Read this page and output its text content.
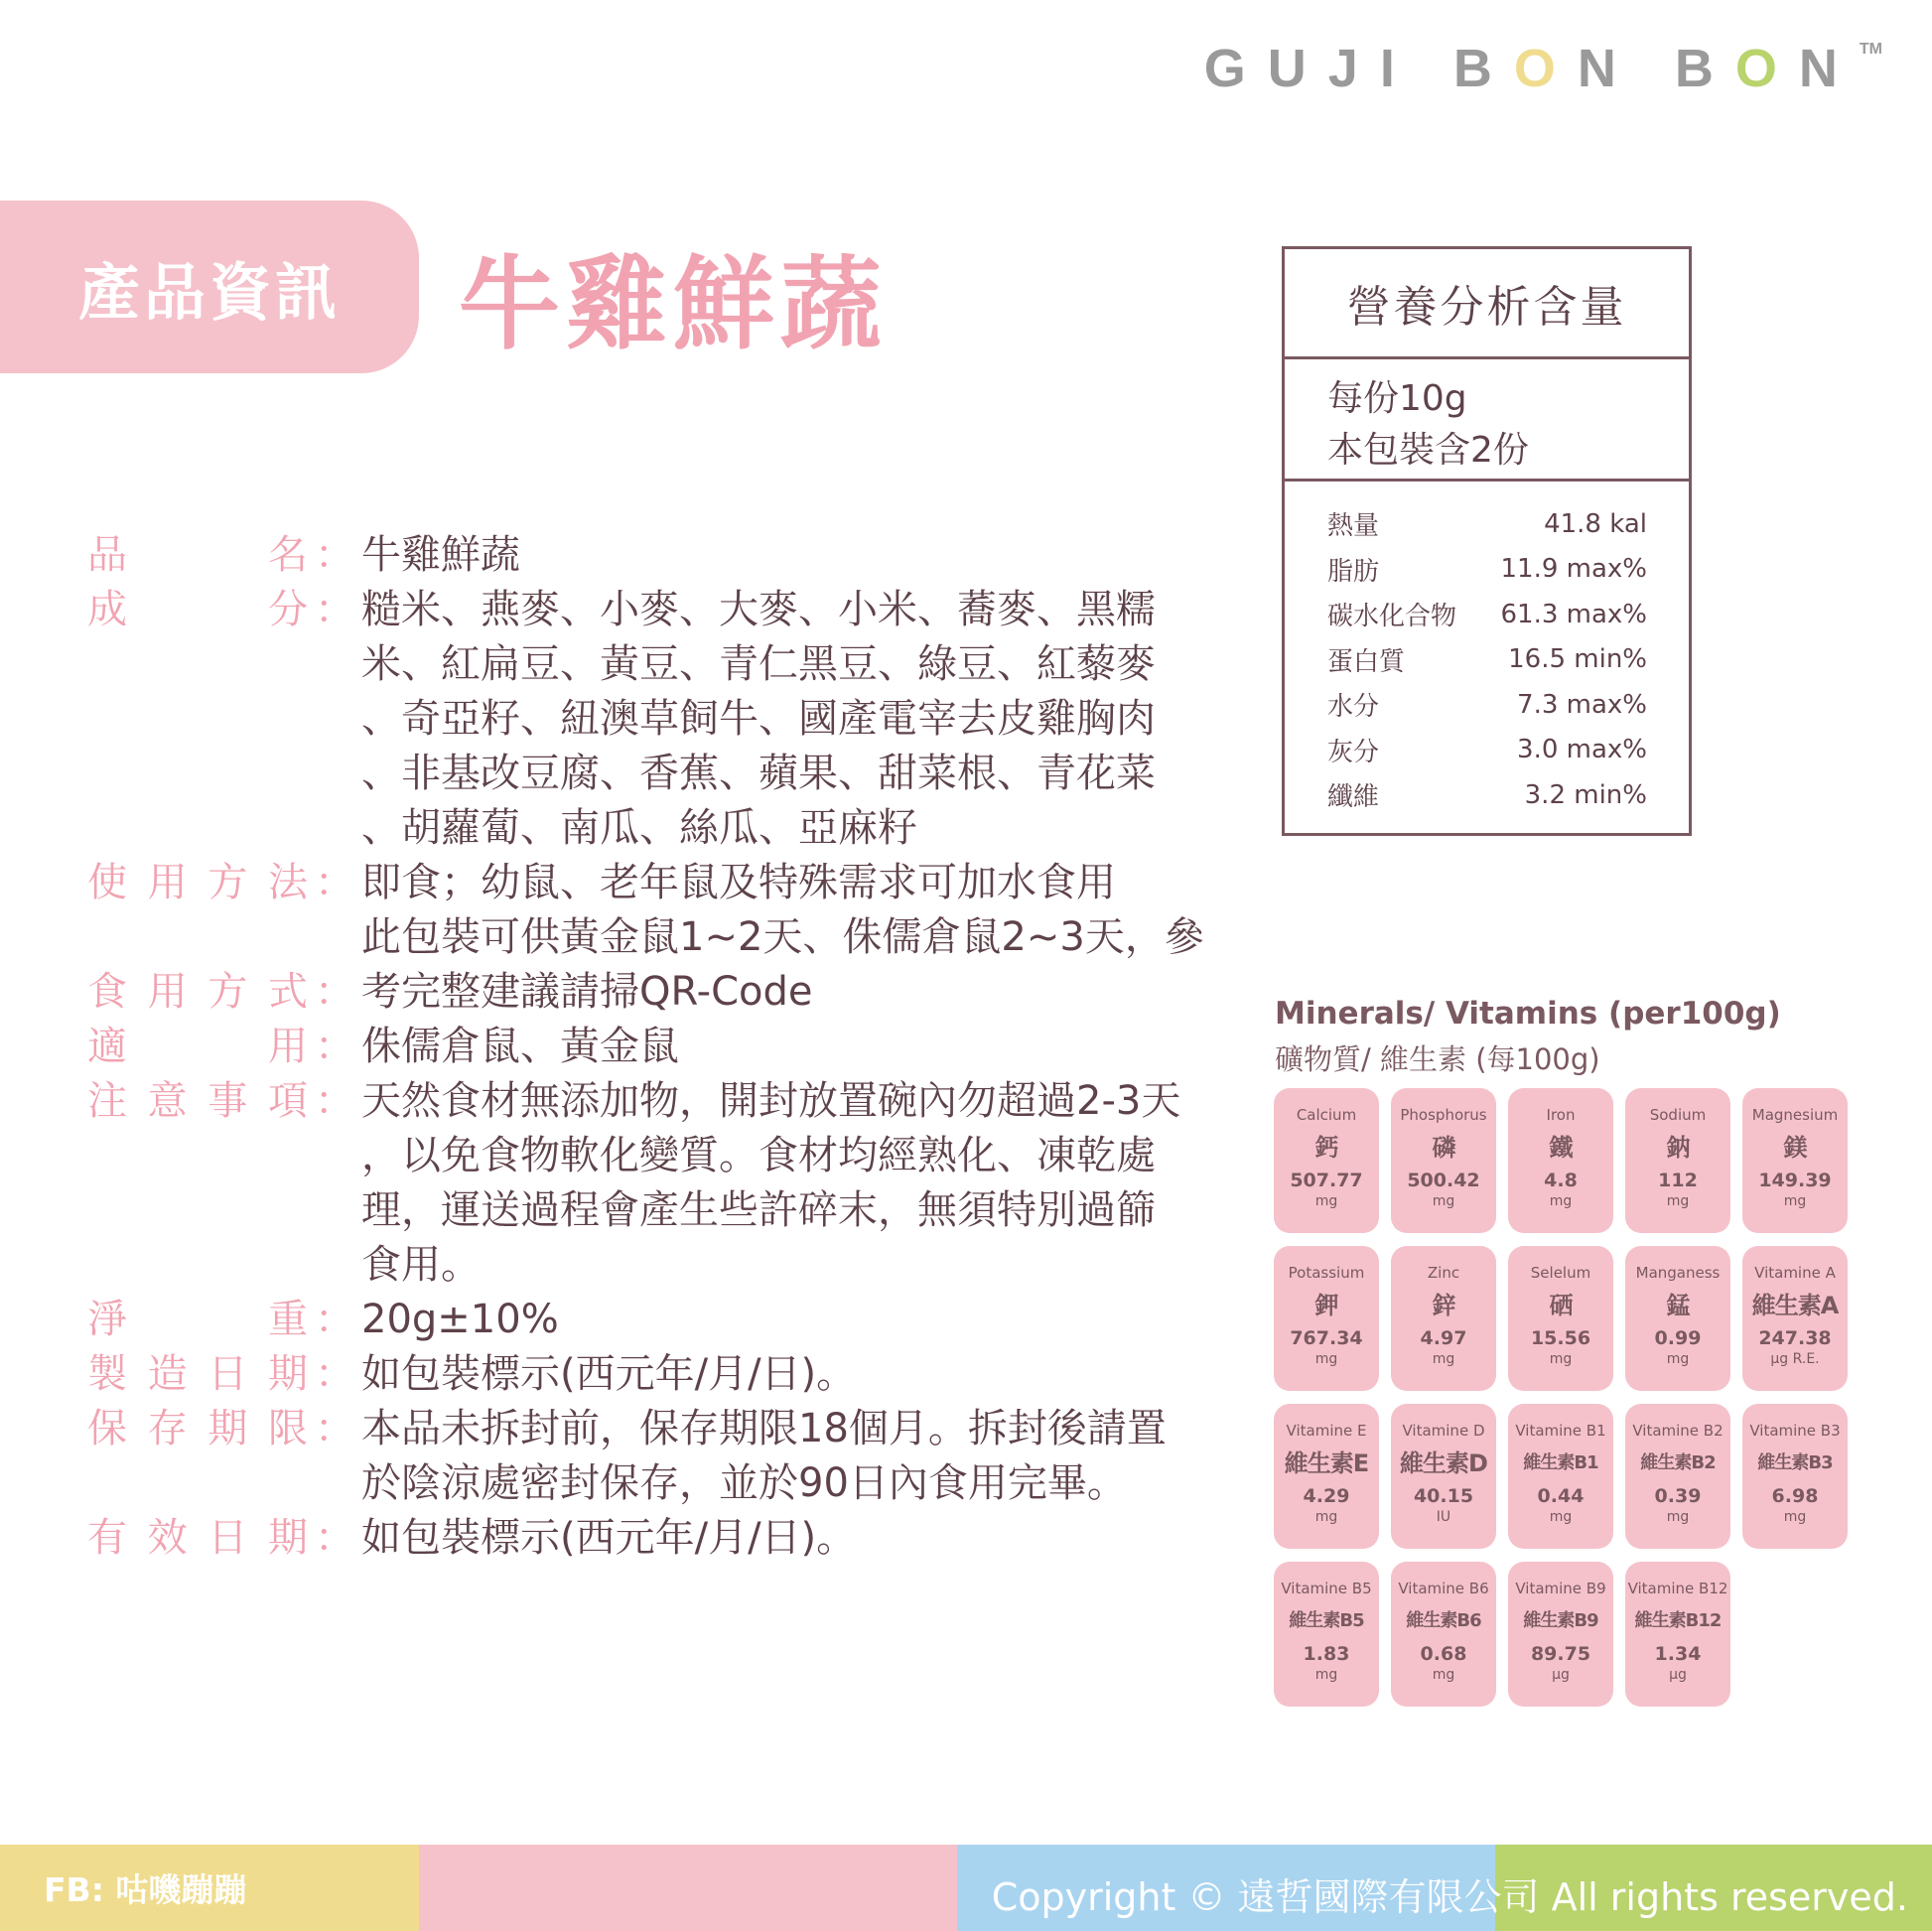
GUJI BON BON™
產品資訊	牛雞鮮蔬
品	名 ： 牛雞鮮蔬
成	分 ： 糙米、燕麥、小麥、大麥、小米、蕎麥、黑糯
米、紅扁豆、黃豆、青仁黑豆、綠豆、紅藜麥
、奇亞籽、紐澳草飼牛、國產電宰去皮雞胸肉
、非基改豆腐、香蕉、蘋果、甜菜根、青花菜
、胡蘿蔔、南瓜、絲瓜、亞麻籽
使 用 方 法 ： 即食；幼鼠、老年鼠及特殊需求可加水食用
此包裝可供黃金鼠1~2天、侏儒倉鼠2~3天，參
食 用 方 式 ： 考完整建議請掃QR-Code
適	用 ： 侏儒倉鼠、黃金鼠
注 意 事 項 ： 天然食材無添加物，開封放置碗內勿超過2-3天
，以免食物軟化變質。食材均經熟化、凍乾處
理，運送過程會產生些許碎末，無須特別過篩
食用。
淨	重 ： 20g±10%
製 造 日 期 ： 如包裝標示(西元年/月/日)。
保 存 期 限 ： 本品未拆封前，保存期限18個月。拆封後請置
於陰涼處密封保存，並於90日內食用完畢。
有 效 日 期 ： 如包裝標示(西元年/月/日)。
營養分析含量
每份10g
本包裝含2份
熱量	41.8 kal
脂肪	11.9 max%
碳水化合物 61.3 max%
蛋白質	16.5 min%
水分	7.3 max%
灰分	3.0 max%
纖維	3.2 min%
Minerals/ Vitamins (per100g)
礦物質/ 維生素 (每100g)
Calcium
鈣
507.77
mg
Phosphorus
磷
500.42
mg
Iron
鐵
4.8
mg
Sodium
鈉
112
mg
Magnesium
鎂
149.39
mg
Potassium
鉀
767.34
mg
Zinc
鋅
4.97
mg
Selelum
硒
15.56
mg
Manganess
錳
0.99
mg
Vitamine A
維生素A
247.38
μg R.E.
Vitamine E
維生素E
4.29
mg
Vitamine D
維生素D
40.15
IU
Vitamine B1
維生素B1
0.44
mg
Vitamine B2
維生素B2
0.39
mg
Vitamine B3
維生素B3
6.98
mg
Vitamine B5
維生素B5
1.83
mg
Vitamine B6
維生素B6
0.68
mg
Vitamine B9
維生素B9
89.75
μg
Vitamine B12
維生素B12
1.34
μg
FB: 咕嘰蹦蹦	Copyright © 遠哲國際有限公司 All rights reserved.
